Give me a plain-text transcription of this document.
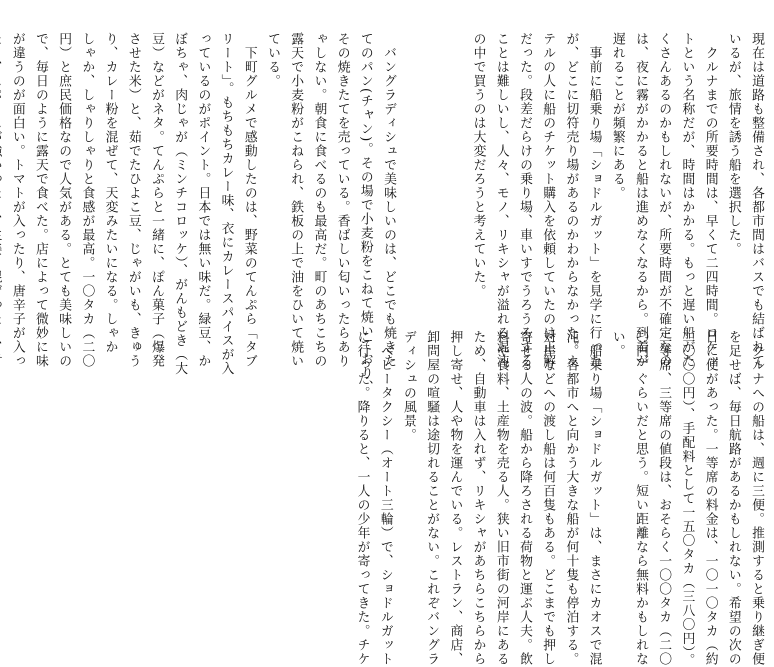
現在は道路も整備され、各都市間はバスでも結ばれて
いるが、旅情を誘う船を選択した。
　クルナまでの所要時間は、早くて二四時間。ロケッ
トという名称だが、時間はかかる。もっと遅い船がた
くさんあるのかもしれないが、所要時間が不確定なの
は、夜に霧がかかると船は進めなくなるから。到着が
遅れることが頻繁にある。
　事前に船乗り場「ショドルガット」を見学に行った
が、どこに切符売り場があるのかわからなかった。ホ
テルの人に船のチケット購入を依頼していたのは正解
だった。段差だらけの乗り場、車いすでうろうろする
ことは難しいし、人々、モノ、リキシャが溢れる混沌
の中で買うのは大変だろうと考えていた。
　バングラディシュで美味しいのは、どこでも焼きた
てのパン(チャン)。その場で小麦粉をこねて焼いており、
その焼きたてを売っている。香ばしい匂いったらあり
ゃしない。朝食に食べるのも最高だ。町のあちこちの
露天で小麦粉がこねられ、鉄板の上で油をひいて焼い
ている。
　下町グルメで感動したのは、野菜のてんぷら「タブ
リート」。もちもちカレー味、衣にカレースパイスが入
っているのがポイント。日本では無い味だ。緑豆、か
ぼちゃ、肉じゃが（ミンチコロッケ）、がんもどき（大
豆）などがネタ。てんぷらと一緒に、ぽん菓子（爆発
させた米）と、茹でたひよこ豆、じゃがいも、きゅう
り、カレー粉を混ぜて、天変みたいになる。しゃか
しゃか、しゃりしゃりと食感が最高。一〇タカ（二〇
円）と庶民価格なので人気がある。とても美味しいの
で、毎日のように露天で食べた。店によって微妙に味
が違うのが面白い。トマトが入ったり、唐辛子が入っ

　クルナへの船は、週に三便。推測すると乗り継ぎ便
を足せば、毎日航路があるかもしれない。希望の次の
日に便があった。一等席の料金は、一〇一〇タカ（約
二〇〇〇円）、手配料として一五〇タカ（三八〇円）。
二等席、三等席の値段は、おそらく一〇〇タカ（二〇
〇円）ぐらいだと思う。短い距離なら無料かもしれな
い。
　船乗り場「ショドルガット」は、まさにカオスで混
沌。各都市へと向かう大きな船が何十隻も停泊する。
対岸などへの渡し船は何百隻もある。どこまでも押し
寄せる人の波。船から降ろされる荷物と運ぶ人夫。飲
料や食料、土産物を売る人。狭い旧市街の河岸にある
ため、自動車は入れず、リキシャがあちらこちらから
押し寄せ、人や物を運んでいる。レストラン、商店、
卸問屋の喧騒は途切れることがない。これぞバングラ
ディシュの風景。
　ベビータクシー（オート三輪）で、ショドルガット
に行った。降りると、一人の少年が寄ってきた。チケ
